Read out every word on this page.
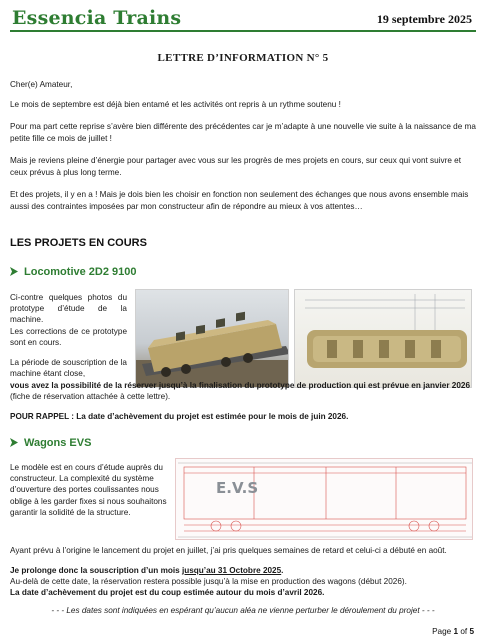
Essencia Trains	19 septembre 2025
LETTRE D’INFORMATION N° 5
Cher(e) Amateur,
Le mois de septembre est déjà bien entamé et les activités ont repris à un rythme soutenu !
Pour ma part cette reprise s’avère bien différente des précédentes car je m’adapte à une nouvelle vie suite à la naissance de ma petite fille ce mois de juillet !
Mais je reviens pleine d’énergie pour partager avec vous sur les progrès de mes projets en cours, sur ceux qui vont suivre et ceux prévus à plus long terme.
Et des projets, il y en a ! Mais je dois bien les choisir en fonction non seulement des échanges que nous avons ensemble mais aussi des contraintes imposées par mon constructeur afin de répondre au mieux à vos attentes…
LES PROJETS EN COURS
Locomotive 2D2 9100
Ci-contre quelques photos du prototype d’étude de la machine.
Les corrections de ce prototype sont en cours.
La période de souscription de la machine étant close,
vous avez la possibilité de la réserver jusqu’à la finalisation du prototype de production qui est prévue en janvier 2026 (fiche de réservation attachée à cette lettre).
POUR RAPPEL : La date d’achèvement du projet est estimée pour le mois de juin 2026.
Wagons EVS
Le modèle est en cours d’étude auprès du constructeur. La complexité du système d’ouverture des portes coulissantes nous oblige à les garder fixes si nous souhaitons garantir la solidité de la structure.
E.V.S
Ayant prévu à l’origine le lancement du projet en juillet, j’ai pris quelques semaines de retard et celui-ci a débuté en août.
Je prolonge donc la souscription d’un mois jusqu’au 31 Octobre 2025.
Au-delà de cette date, la réservation restera possible jusqu’à la mise en production des wagons (début 2026).
La date d’achèvement du projet est du coup estimée autour du mois d’avril 2026.
- - - Les dates sont indiquées en espérant qu’aucun aléa ne vienne perturber le déroulement du projet - - -
Page 1 of 5
